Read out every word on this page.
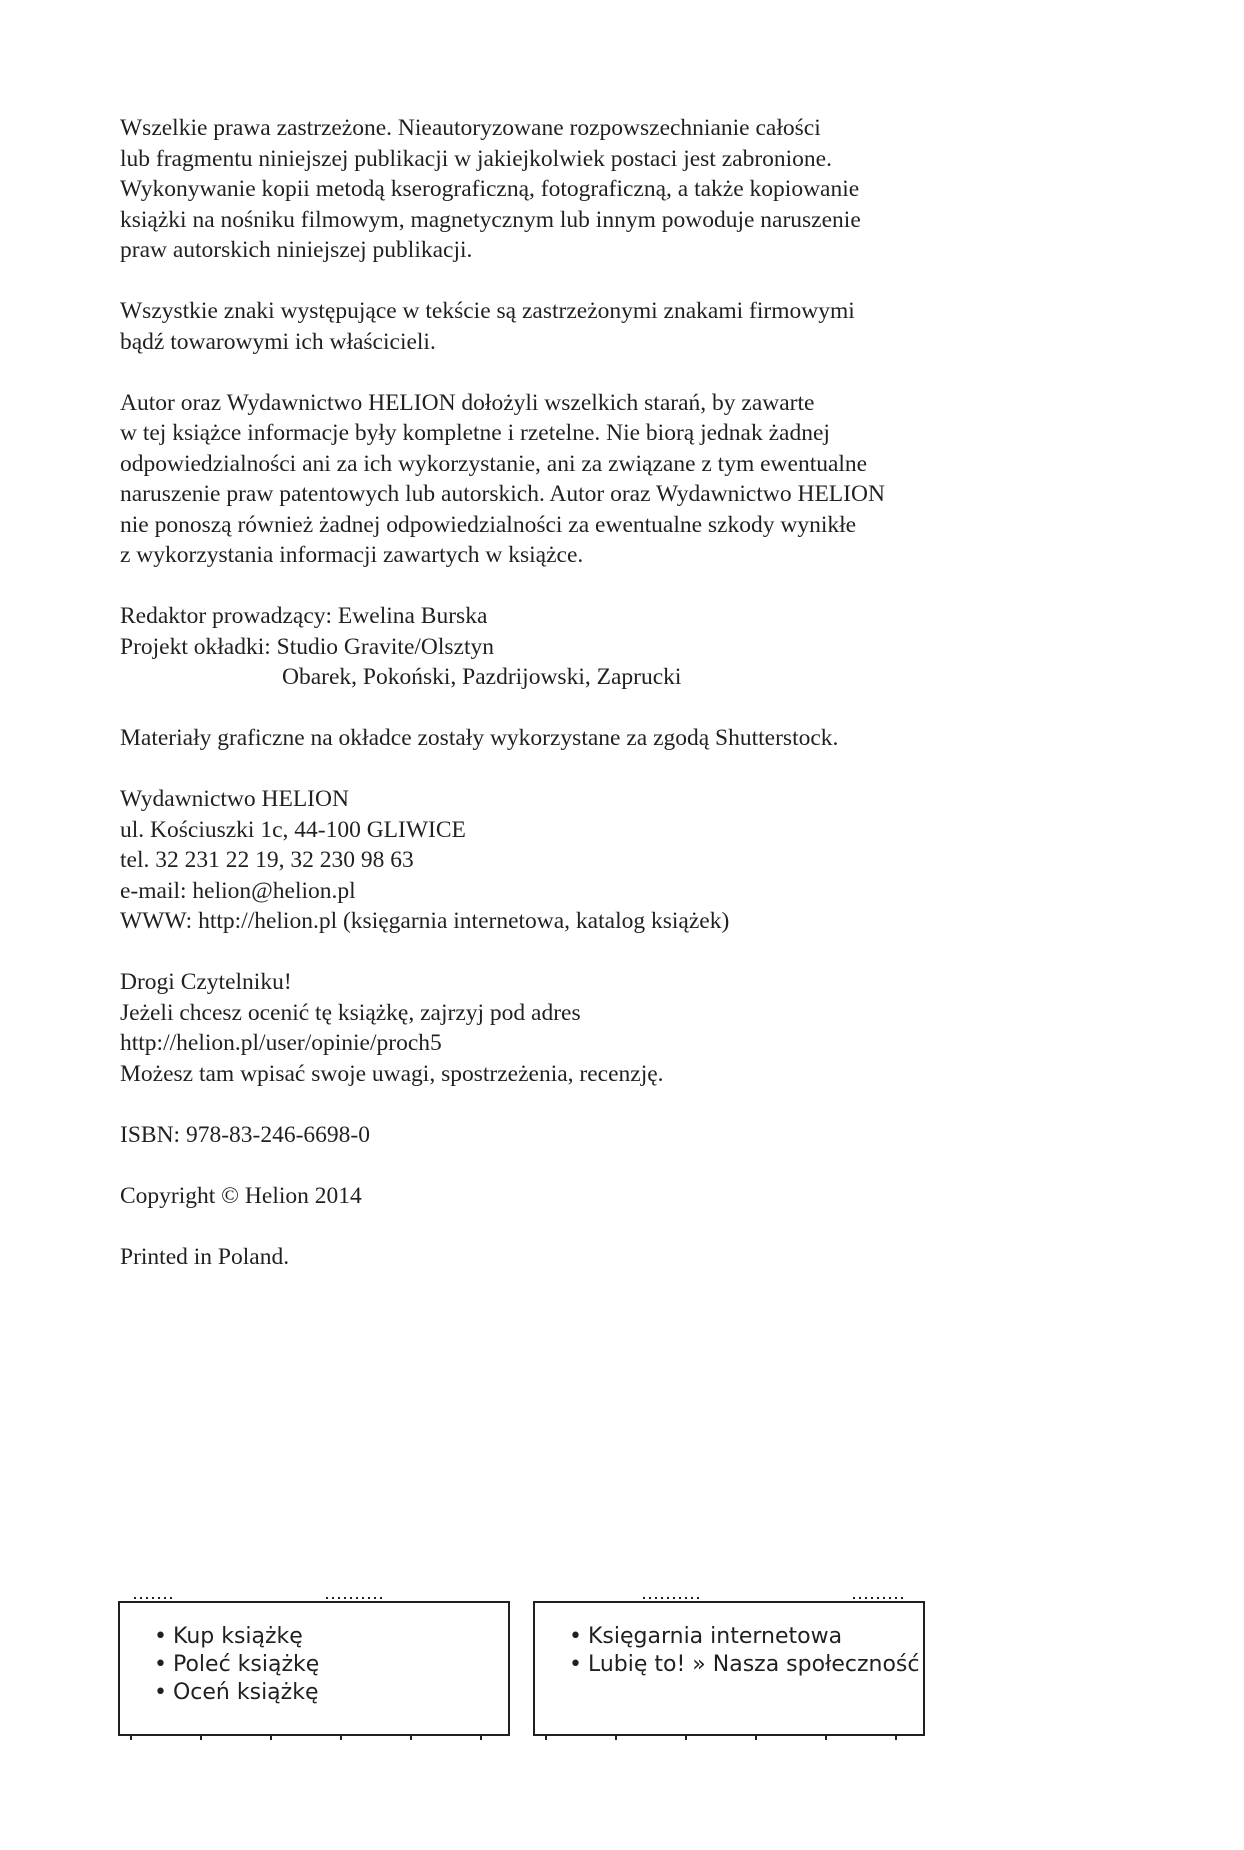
Wszelkie prawa zastrzeżone. Nieautoryzowane rozpowszechnianie całości
lub fragmentu niniejszej publikacji w jakiejkolwiek postaci jest zabronione.
Wykonywanie kopii metodą kserograficzną, fotograficzną, a także kopiowanie
książki na nośniku filmowym, magnetycznym lub innym powoduje naruszenie
praw autorskich niniejszej publikacji.

Wszystkie znaki występujące w tekście są zastrzeżonymi znakami firmowymi
bądź towarowymi ich właścicieli.

Autor oraz Wydawnictwo HELION dołożyli wszelkich starań, by zawarte
w tej książce informacje były kompletne i rzetelne. Nie biorą jednak żadnej
odpowiedzialności ani za ich wykorzystanie, ani za związane z tym ewentualne
naruszenie praw patentowych lub autorskich. Autor oraz Wydawnictwo HELION
nie ponoszą również żadnej odpowiedzialności za ewentualne szkody wynikłe
z wykorzystania informacji zawartych w książce.

Redaktor prowadzący: Ewelina Burska
Projekt okładki: Studio Gravite/Olsztyn
Obarek, Pokoński, Pazdrijowski, Zaprucki

Materiały graficzne na okładce zostały wykorzystane za zgodą Shutterstock.

Wydawnictwo HELION
ul. Kościuszki 1c, 44-100 GLIWICE
tel. 32 231 22 19, 32 230 98 63
e-mail: helion@helion.pl
WWW: http://helion.pl (księgarnia internetowa, katalog książek)

Drogi Czytelniku!
Jeżeli chcesz ocenić tę książkę, zajrzyj pod adres
http://helion.pl/user/opinie/proch5
Możesz tam wpisać swoje uwagi, spostrzeżenia, recenzję.

ISBN: 978-83-246-6698-0

Copyright © Helion 2014

Printed in Poland.

• Kup książkę
• Poleć książkę
• Oceń książkę
• Księgarnia internetowa
• Lubię to! » Nasza społeczność
